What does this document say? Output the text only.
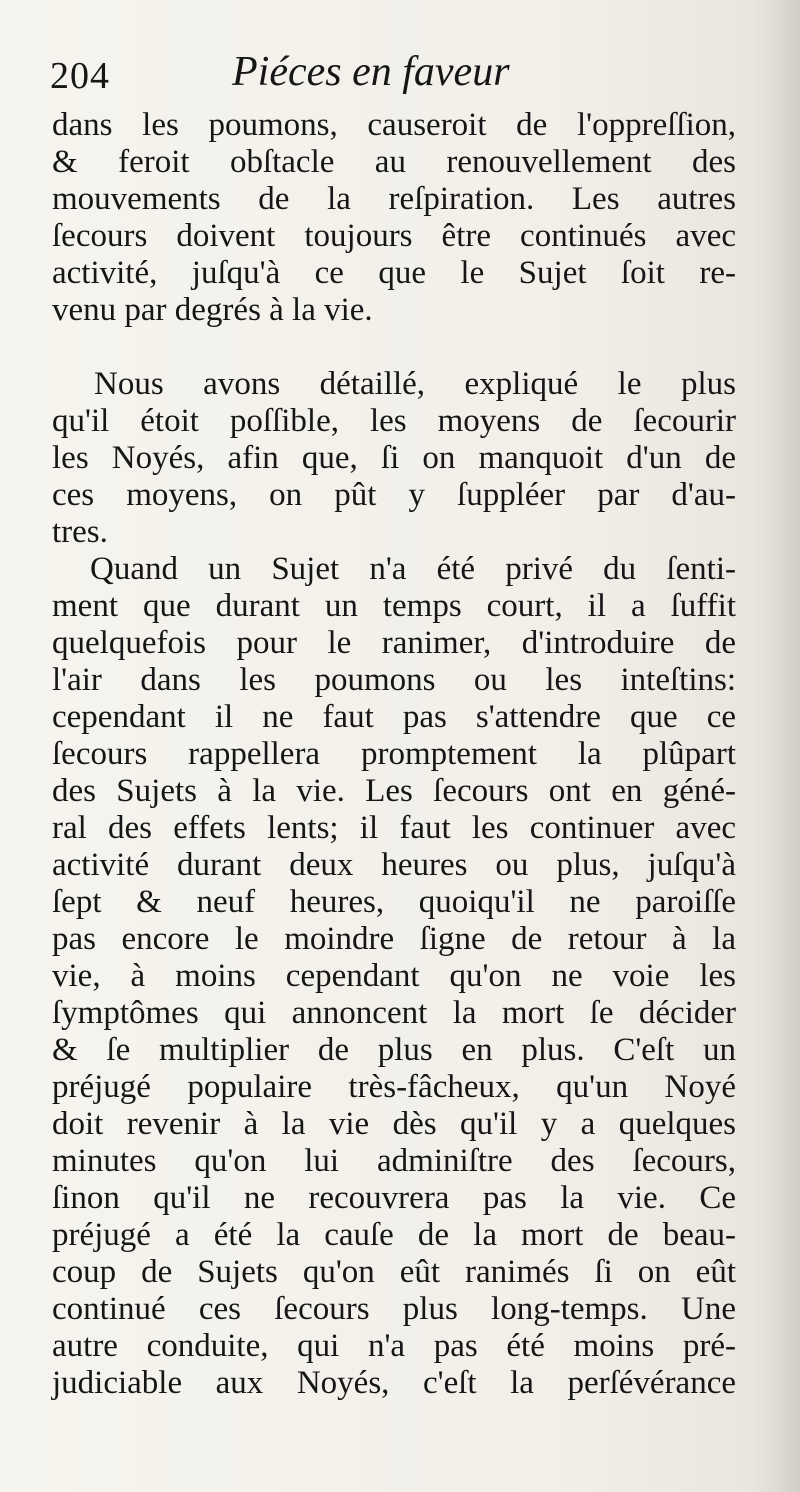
204	Piéces en faveur
dans les poumons, causeroit de l'oppreſſion,
& feroit obſtacle au renouvellement des
mouvements de la reſpiration. Les autres
ſecours doivent toujours être continués avec
activité, juſqu'à ce que le Sujet ſoit re-
venu par degrés à la vie.
Nous avons détaillé, expliqué le plus
qu'il étoit poſſible, les moyens de ſecourir
les Noyés, afin que, ſi on manquoit d'un de
ces moyens, on pût y ſuppléer par d'au-
tres.
Quand un Sujet n'a été privé du ſenti-
ment que durant un temps court, il a ſuffit
quelquefois pour le ranimer, d'introduire de
l'air dans les poumons ou les inteſtins:
cependant il ne faut pas s'attendre que ce
ſecours rappellera promptement la plûpart
des Sujets à la vie. Les ſecours ont en géné-
ral des effets lents; il faut les continuer avec
activité durant deux heures ou plus, juſqu'à
ſept & neuf heures, quoiqu'il ne paroiſſe
pas encore le moindre ſigne de retour à la
vie, à moins cependant qu'on ne voie les
ſymptômes qui annoncent la mort ſe décider
& ſe multiplier de plus en plus. C'eſt un
préjugé populaire très-fâcheux, qu'un Noyé
doit revenir à la vie dès qu'il y a quelques
minutes qu'on lui adminiſtre des ſecours,
ſinon qu'il ne recouvrera pas la vie. Ce
préjugé a été la cauſe de la mort de beau-
coup de Sujets qu'on eût ranimés ſi on eût
continué ces ſecours plus long-temps. Une
autre conduite, qui n'a pas été moins pré-
judiciable aux Noyés, c'eſt la perſévérance
